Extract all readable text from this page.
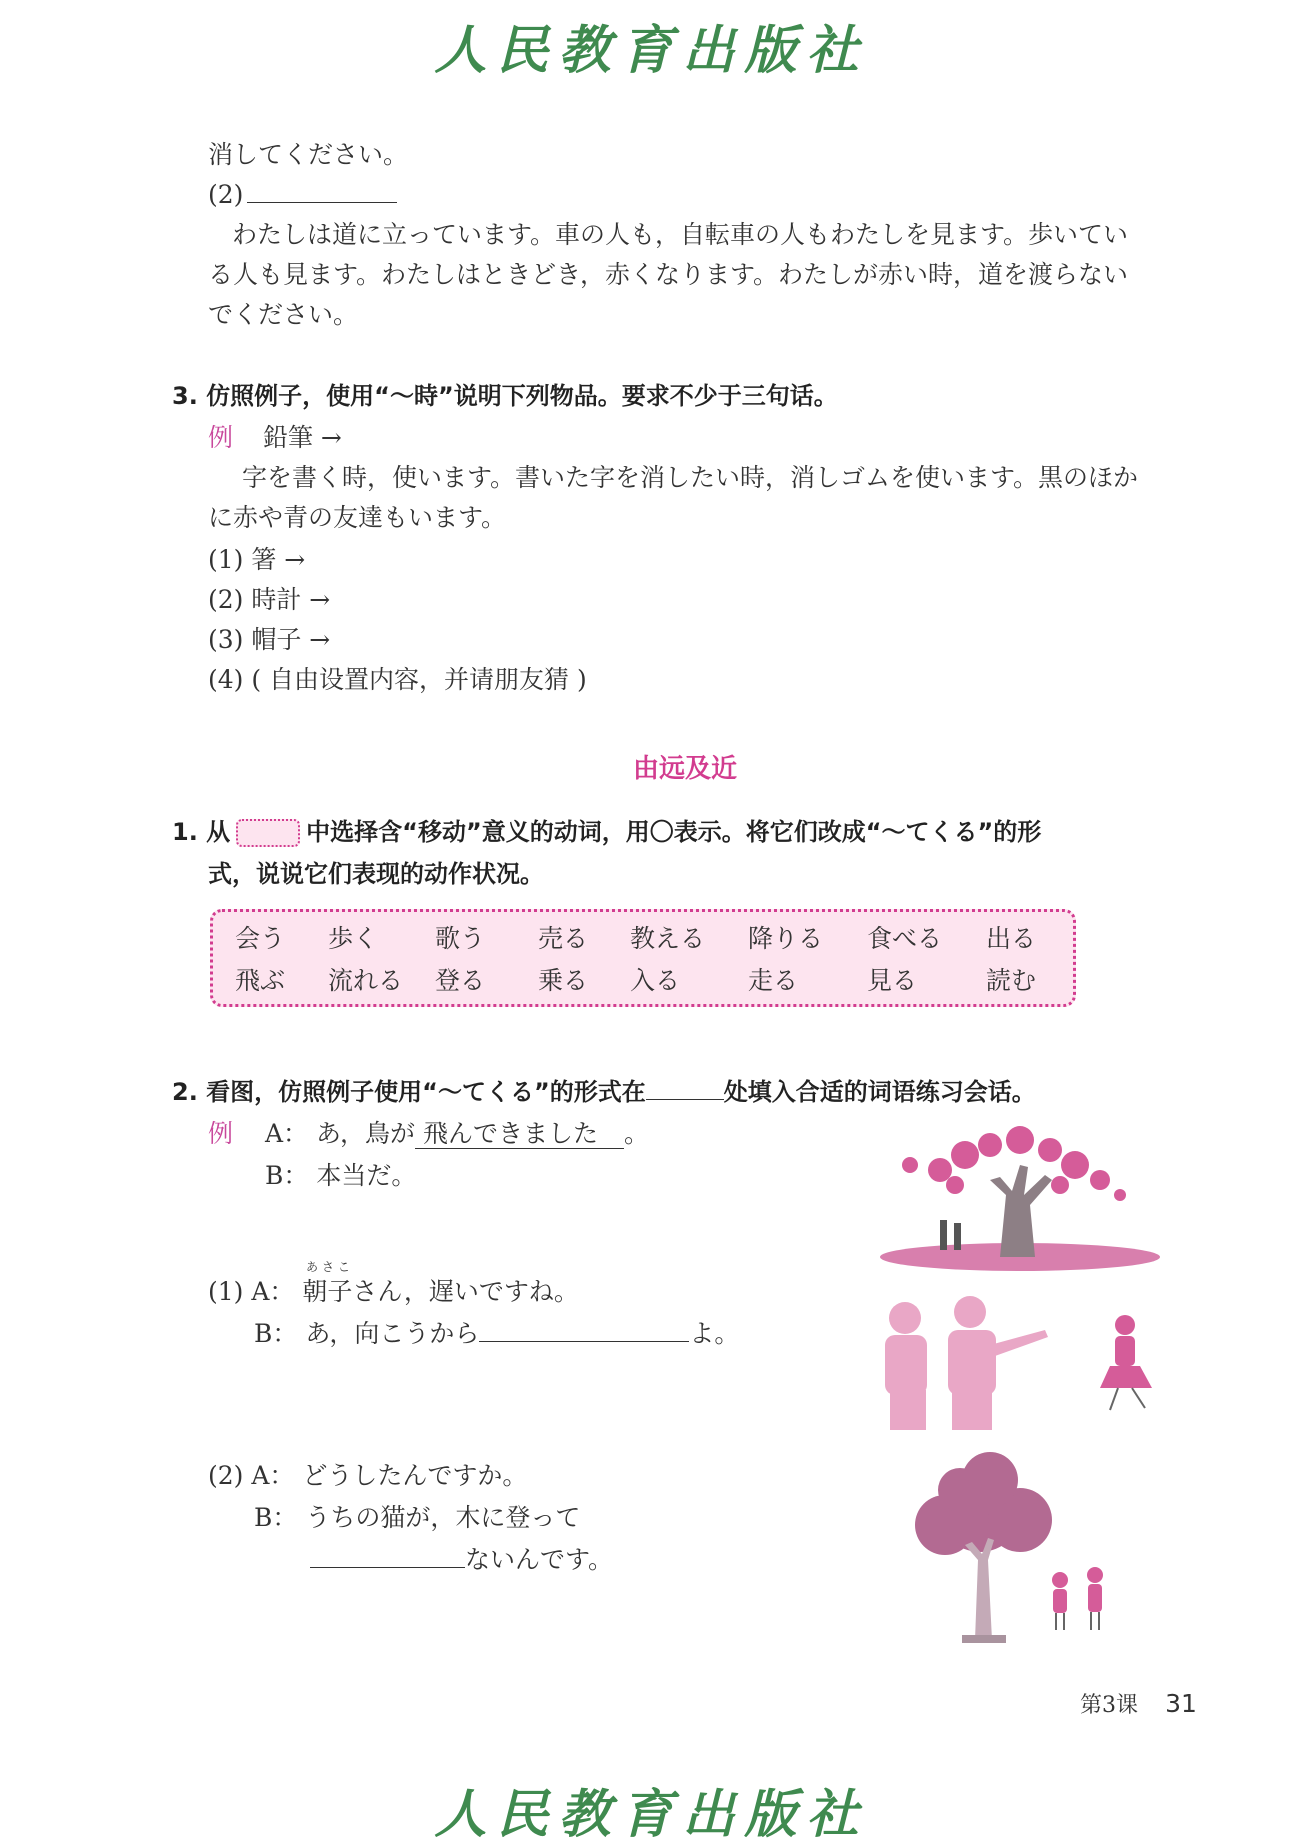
人民教育出版社
消してください。
(2)
わたしは道に立っています。車の人も，自転車の人もわたしを見ます。歩いてい
る人も見ます。わたしはときどき，赤くなります。わたしが赤い時，道を渡らない
でください。
3. 仿照例子，使用“～時”说明下列物品。要求不少于三句话。
例 鉛筆 →
字を書く時，使います。書いた字を消したい時，消しゴムを使います。黒のほか
に赤や青の友達もいます。
(1) 箸 →
(2) 時計 →
(3) 帽子 →
(4) ( 自由设置内容，并请朋友猜 )
由远及近
1. 从	中选择含“移动”意义的动词，用〇表示。将它们改成“～てくる”的形
式，说说它们表现的动作状况。
会う 歩く 歌う 売る 教える 降りる 食べる 出る
飛ぶ 流れる 登る 乗る 入る	走る	見る	読む
2. 看图，仿照例子使用“～てくる”的形式在	处填入合适的词语练习会话。
例 A： あ，鳥が 飛んできました 。
B： 本当だ。
あさこ
(1) A： 朝子さん，遅いですね。
B： あ，向こうから	よ。
(2) A： どうしたんですか。
B： うちの猫が，木に登って
ないんです。
第3课 31
人民教育出版社
